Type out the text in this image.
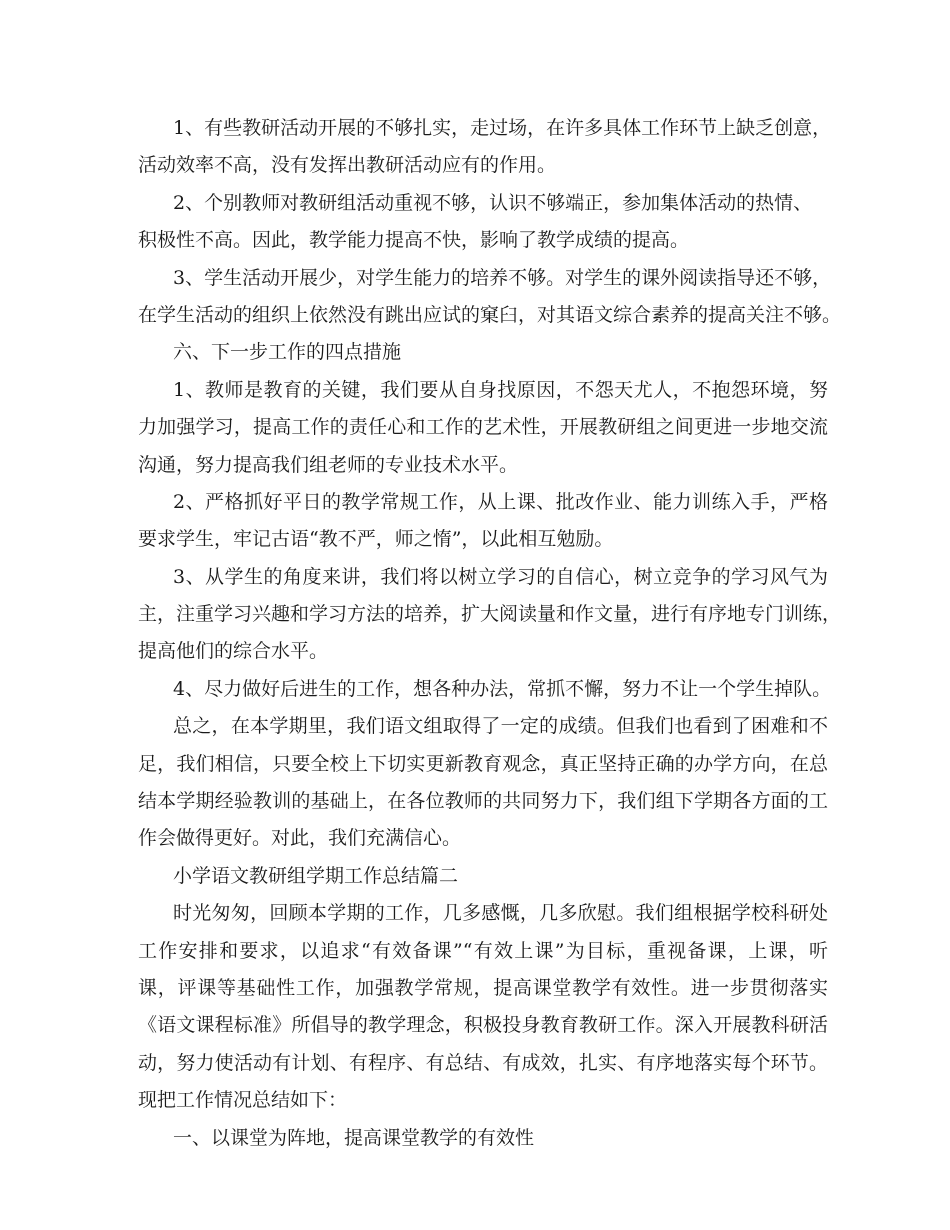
1、有些教研活动开展的不够扎实，走过场，在许多具体工作环节上缺乏创意，
活动效率不高，没有发挥出教研活动应有的作用。
2、个别教师对教研组活动重视不够，认识不够端正，参加集体活动的热情、
积极性不高。因此，教学能力提高不快，影响了教学成绩的提高。
3、学生活动开展少，对学生能力的培养不够。对学生的课外阅读指导还不够，
在学生活动的组织上依然没有跳出应试的窠臼，对其语文综合素养的提高关注不够。
六、下一步工作的四点措施
1、教师是教育的关键，我们要从自身找原因，不怨天尤人，不抱怨环境，努
力加强学习，提高工作的责任心和工作的艺术性，开展教研组之间更进一步地交流
沟通，努力提高我们组老师的专业技术水平。
2、严格抓好平日的教学常规工作，从上课、批改作业、能力训练入手，严格
要求学生，牢记古语“教不严，师之惰”，以此相互勉励。
3、从学生的角度来讲，我们将以树立学习的自信心，树立竞争的学习风气为
主，注重学习兴趣和学习方法的培养，扩大阅读量和作文量，进行有序地专门训练，
提高他们的综合水平。
4、尽力做好后进生的工作，想各种办法，常抓不懈，努力不让一个学生掉队。
总之，在本学期里，我们语文组取得了一定的成绩。但我们也看到了困难和不
足，我们相信，只要全校上下切实更新教育观念，真正坚持正确的办学方向，在总
结本学期经验教训的基础上，在各位教师的共同努力下，我们组下学期各方面的工
作会做得更好。对此，我们充满信心。
小学语文教研组学期工作总结篇二
时光匆匆，回顾本学期的工作，几多感慨，几多欣慰。我们组根据学校科研处
工作安排和要求，以追求“有效备课”“有效上课”为目标，重视备课，上课，听
课，评课等基础性工作，加强教学常规，提高课堂教学有效性。进一步贯彻落实
《语文课程标准》所倡导的教学理念，积极投身教育教研工作。深入开展教科研活
动，努力使活动有计划、有程序、有总结、有成效，扎实、有序地落实每个环节。
现把工作情况总结如下：
一、以课堂为阵地，提高课堂教学的有效性
